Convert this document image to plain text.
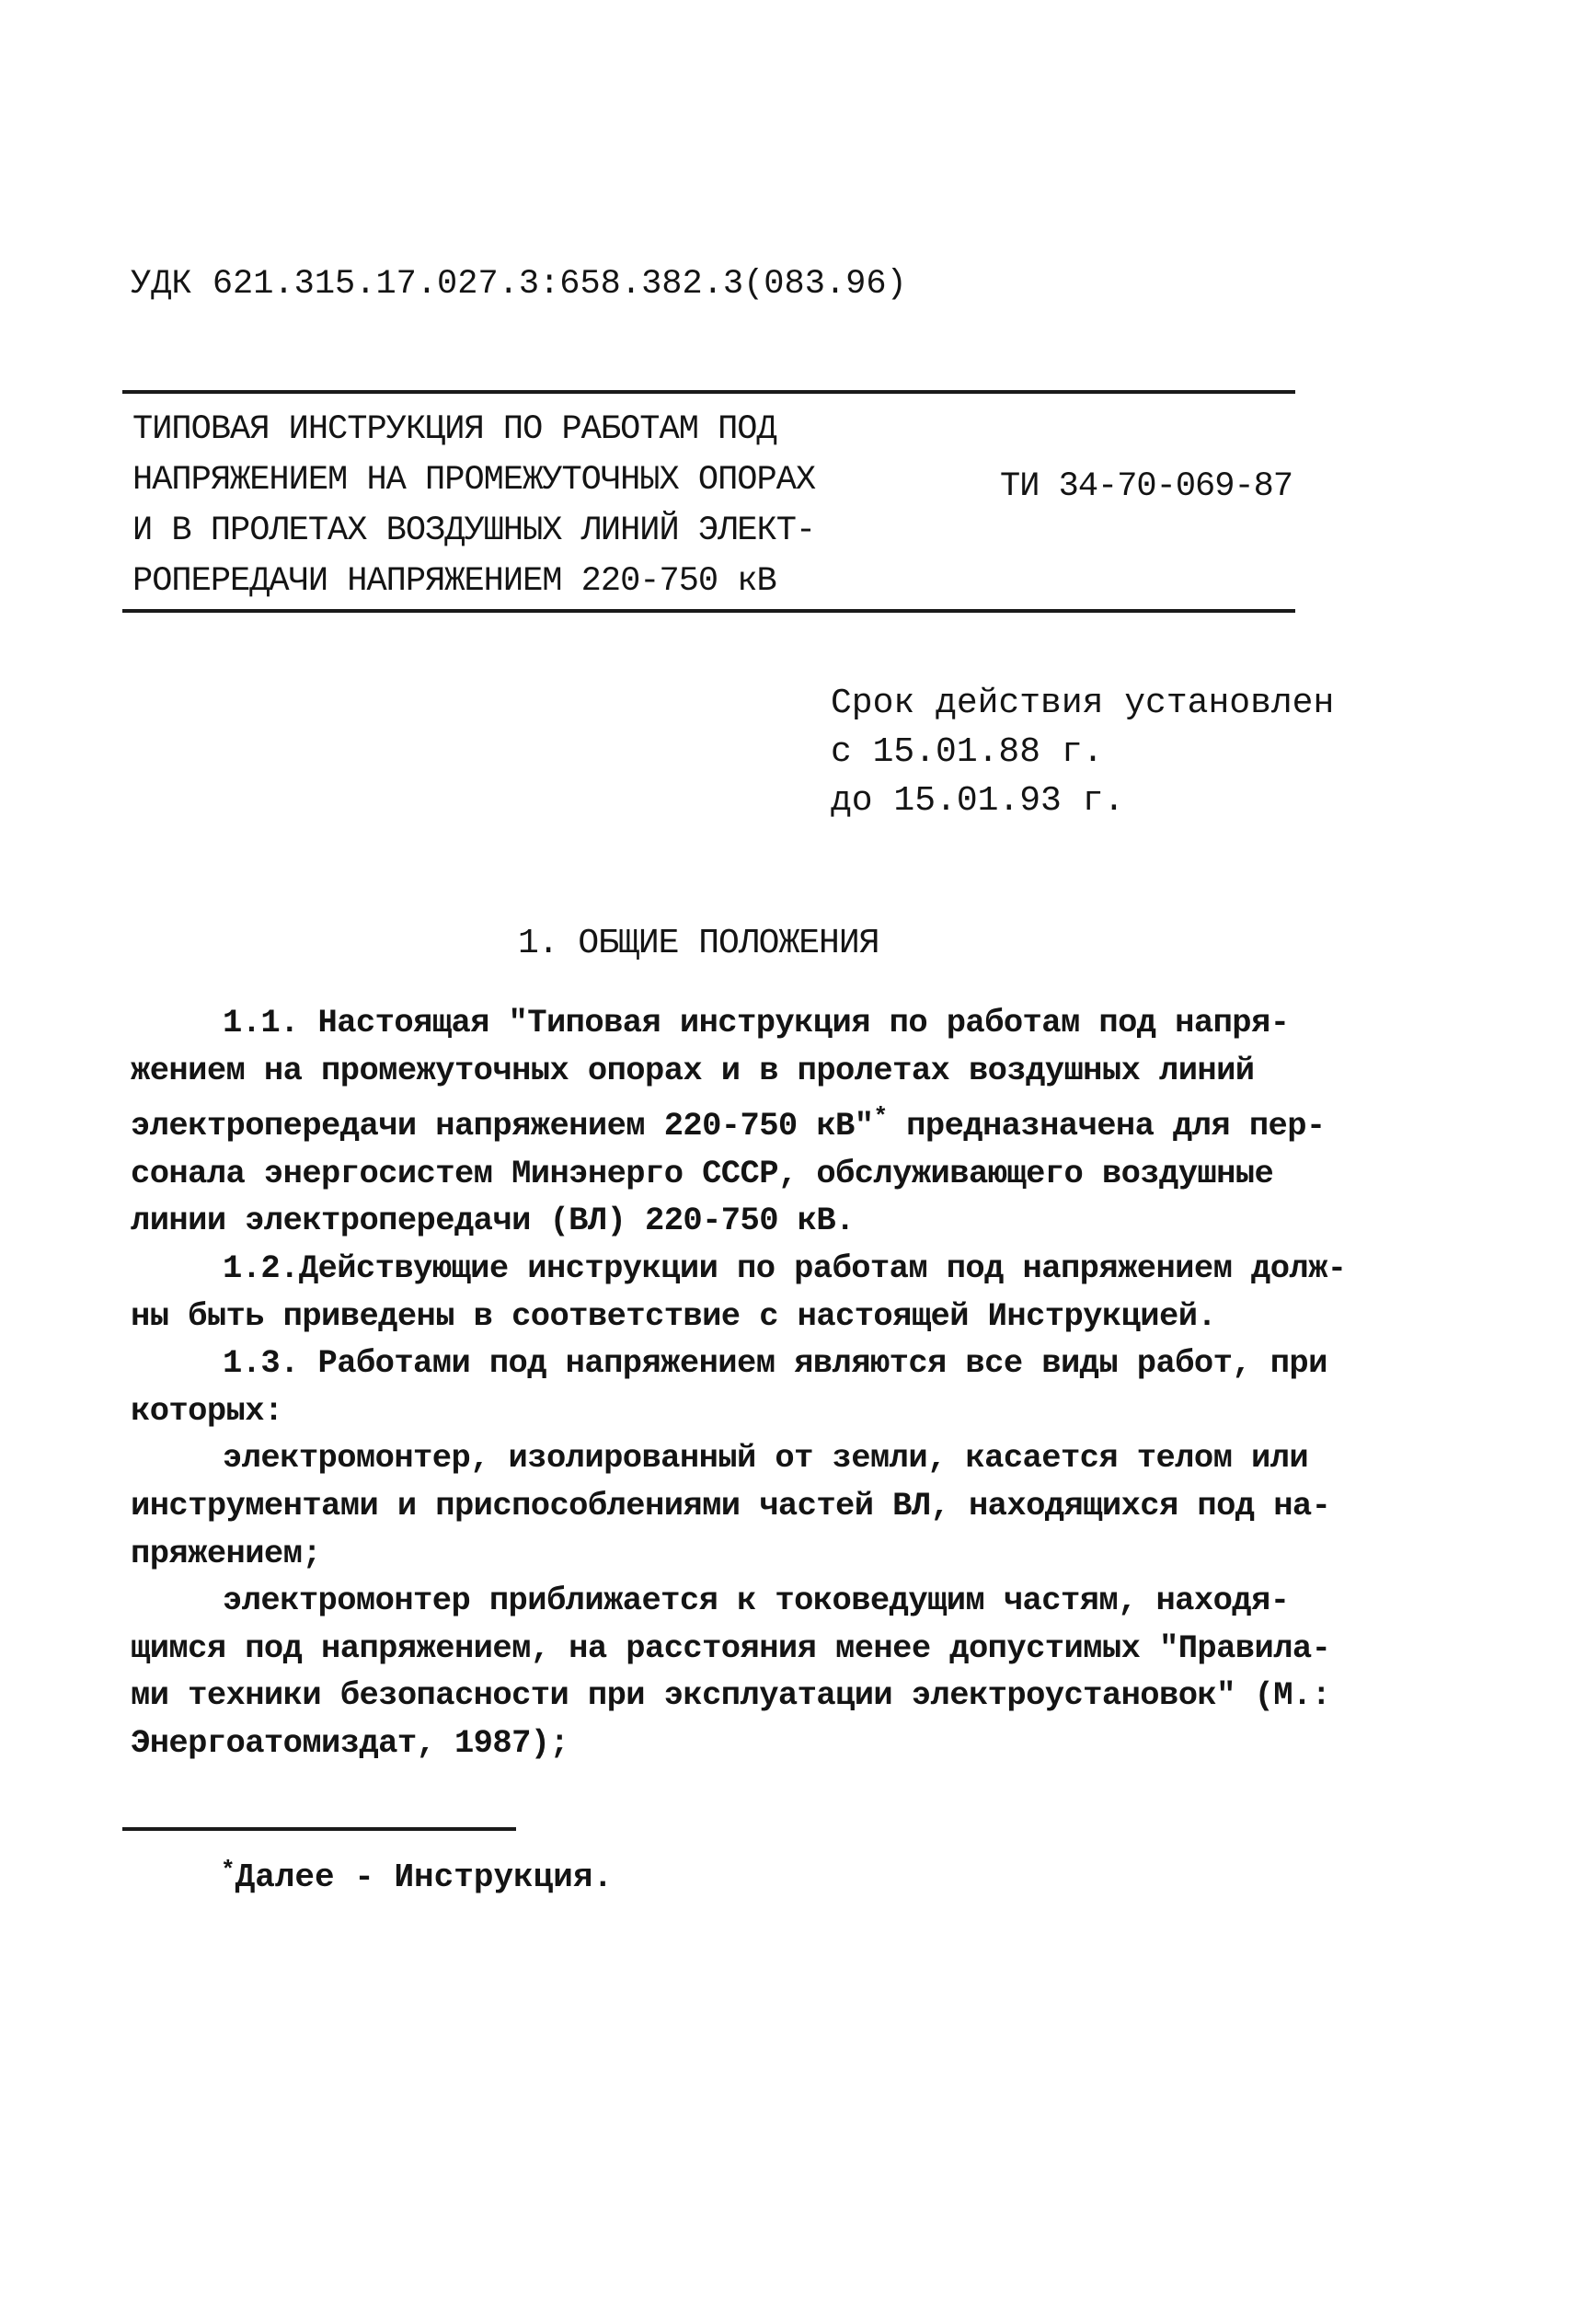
УДК 621.315.17.027.3:658.382.3(083.96)
ТИПОВАЯ ИНСТРУКЦИЯ ПО РАБОТАМ ПОД
НАПРЯЖЕНИЕМ НА ПРОМЕЖУТОЧНЫХ ОПОРАХ
И В ПРОЛЕТАХ ВОЗДУШНЫХ ЛИНИЙ ЭЛЕКТ-
РОПЕРЕДАЧИ НАПРЯЖЕНИЕМ 220-750 кВ
ТИ 34-70-069-87
Срок действия установлен
с 15.01.88 г.
до 15.01.93 г.
1. ОБЩИЕ ПОЛОЖЕНИЯ
1.1. Настоящая "Типовая инструкция по работам под напря-
жением на промежуточных опорах и в пролетах воздушных линий
электропередачи напряжением 220-750 кВ"* предназначена для пер-
сонала энергосистем Минэнерго СССР, обслуживающего воздушные
линии электропередачи (ВЛ) 220-750 кВ.
1.2.Действующие инструкции по работам под напряжением долж-
ны быть приведены в соответствие с настоящей Инструкцией.
1.3. Работами под напряжением являются все виды работ, при
которых:
электромонтер, изолированный от земли, касается телом или
инструментами и приспособлениями частей ВЛ, находящихся под на-
пряжением;
электромонтер приближается к токоведущим частям, находя-
щимся под напряжением, на расстояния менее допустимых "Правила-
ми техники безопасности при эксплуатации электроустановок" (М.:
Энергоатомиздат, 1987);
*Далее - Инструкция.
